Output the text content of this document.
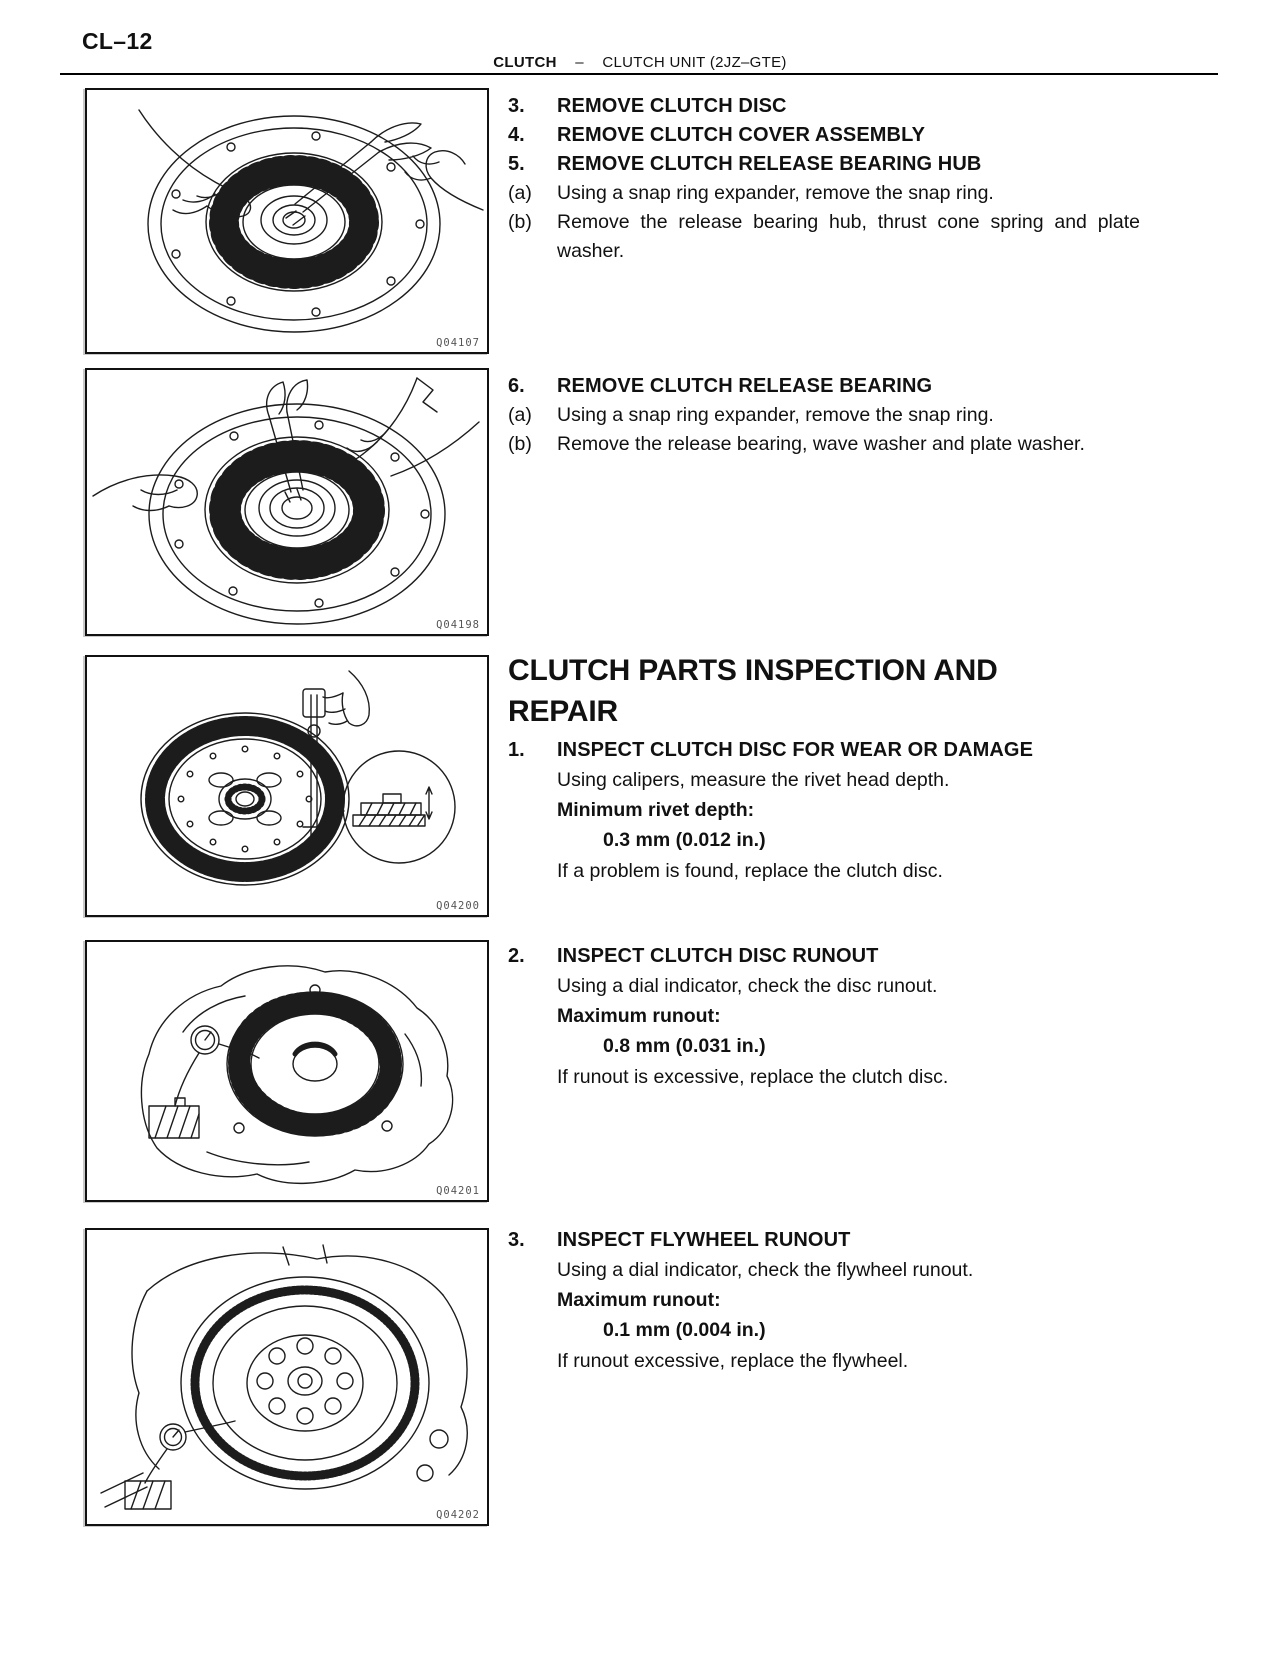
CL–12
CLUTCH – CLUTCH UNIT (2JZ–GTE)
Q04107
Q04198
Q04200
Q04201
Q04202
3.	REMOVE CLUTCH DISC
4.	REMOVE CLUTCH COVER ASSEMBLY
5.	REMOVE CLUTCH RELEASE BEARING HUB
(a)	Using a snap ring expander, remove the snap ring.
(b)	Remove the release bearing hub, thrust cone spring and plate washer.
6.	REMOVE CLUTCH RELEASE BEARING
(a)	Using a snap ring expander, remove the snap ring.
(b)	Remove the release bearing, wave washer and plate washer.
CLUTCH PARTS INSPECTION AND REPAIR
1.	INSPECT CLUTCH DISC FOR WEAR OR DAMAGE
Using calipers, measure the rivet head depth.
Minimum rivet depth:
0.3 mm (0.012 in.)
If a problem is found, replace the clutch disc.
2.	INSPECT CLUTCH DISC RUNOUT
Using a dial indicator, check the disc runout.
Maximum runout:
0.8 mm (0.031 in.)
If runout is excessive, replace the clutch disc.
3.	INSPECT FLYWHEEL RUNOUT
Using a dial indicator, check the flywheel runout.
Maximum runout:
0.1 mm (0.004 in.)
If runout excessive, replace the flywheel.
